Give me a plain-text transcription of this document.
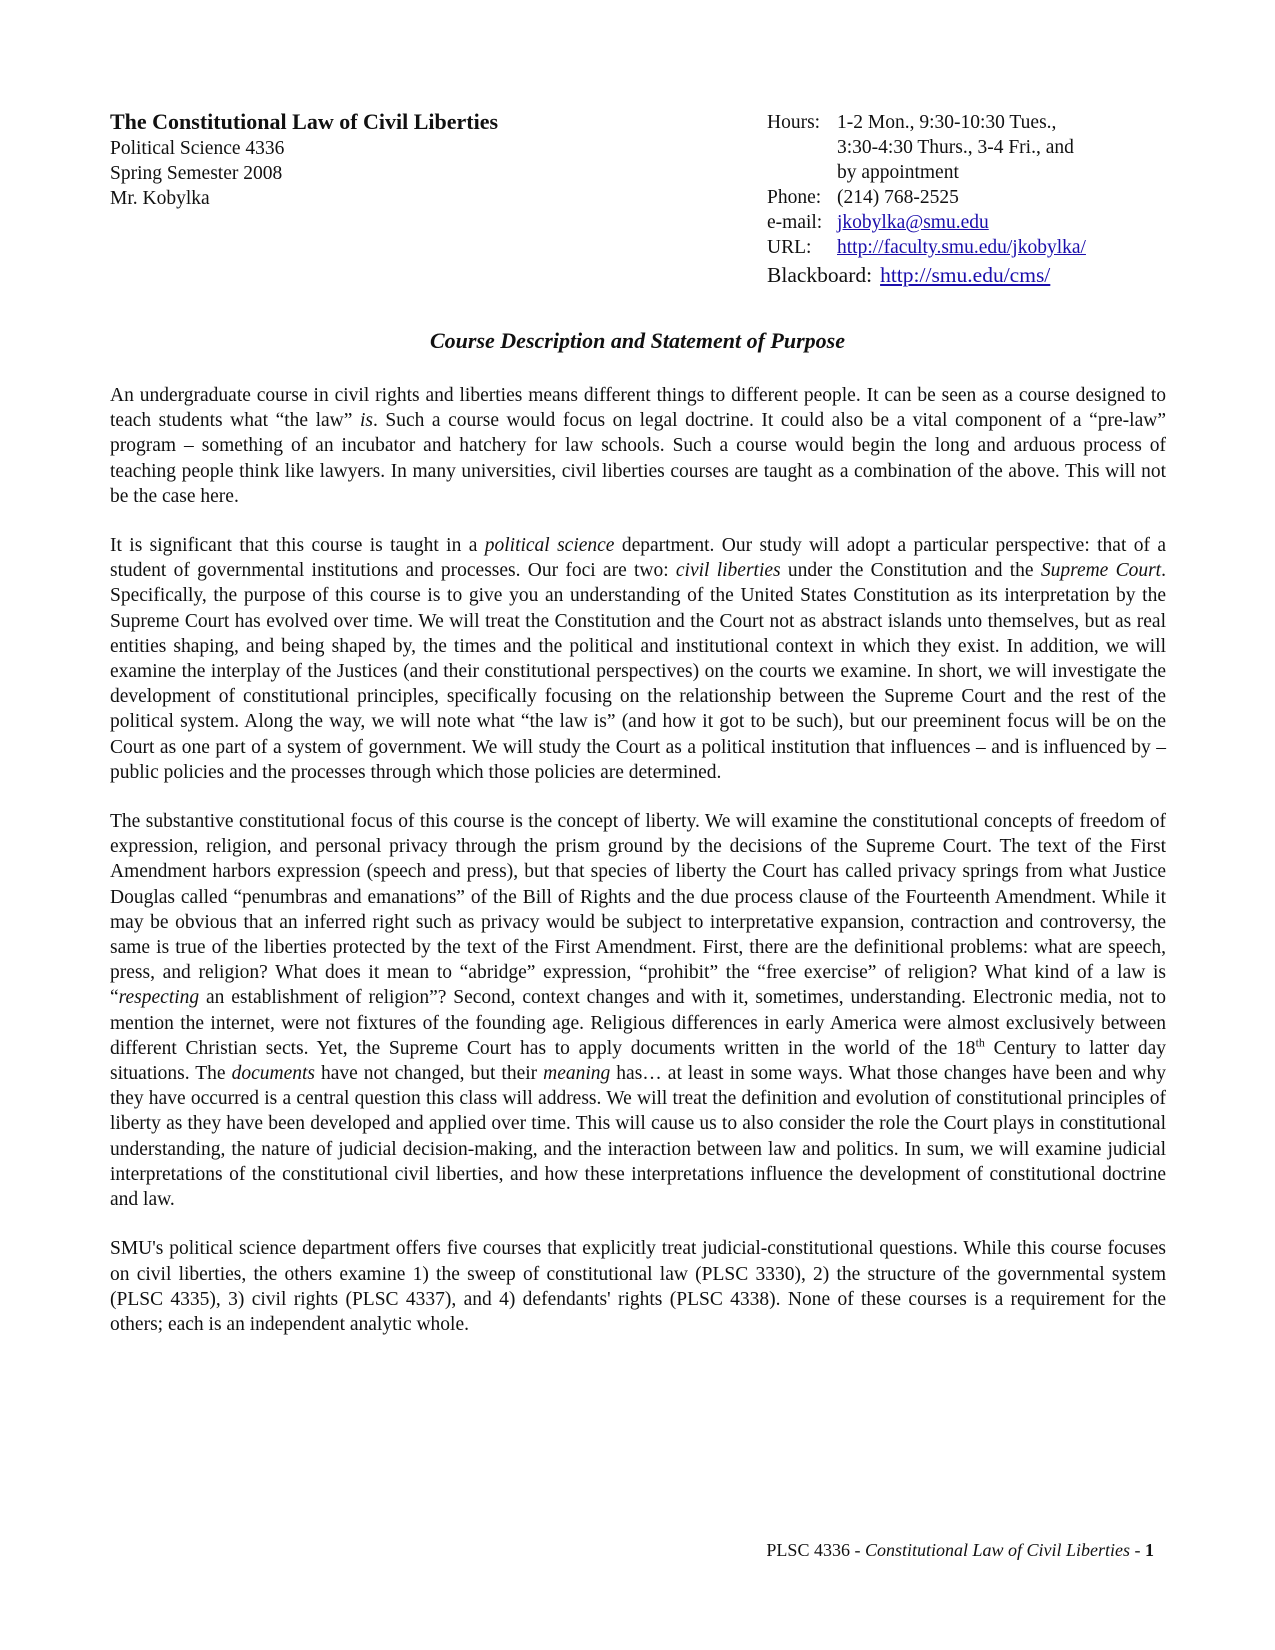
The Constitutional Law of Civil Liberties
Political Science 4336
Spring Semester 2008
Mr. Kobylka
Hours: 1-2 Mon., 9:30-10:30 Tues.,
3:30-4:30 Thurs., 3-4 Fri., and
by appointment
Phone: (214) 768-2525
e-mail: jkobylka@smu.edu
URL:	http://faculty.smu.edu/jkobylka/
Blackboard: http://smu.edu/cms/
Course Description and Statement of Purpose

An undergraduate course in civil rights and liberties means different things to different people. It can be seen as a course designed to teach students what “the law” is. Such a course would focus on legal doctrine. It could also be a vital component of a “pre-law” program – something of an incubator and hatchery for law schools. Such a course would begin the long and arduous process of teaching people think like lawyers. In many universities, civil liberties courses are taught as a combination of the above. This will not be the case here.

It is significant that this course is taught in a political science department. Our study will adopt a particular perspective: that of a student of governmental institutions and processes. Our foci are two: civil liberties under the Constitution and the Supreme Court. Specifically, the purpose of this course is to give you an understanding of the United States Constitution as its interpretation by the Supreme Court has evolved over time. We will treat the Constitution and the Court not as abstract islands unto themselves, but as real entities shaping, and being shaped by, the times and the political and institutional context in which they exist. In addition, we will examine the interplay of the Justices (and their constitutional perspectives) on the courts we examine. In short, we will investigate the development of constitutional principles, specifically focusing on the relationship between the Supreme Court and the rest of the political system. Along the way, we will note what “the law is” (and how it got to be such), but our preeminent focus will be on the Court as one part of a system of government. We will study the Court as a political institution that influences – and is influenced by – public policies and the processes through which those policies are determined.

The substantive constitutional focus of this course is the concept of liberty. We will examine the constitutional concepts of freedom of expression, religion, and personal privacy through the prism ground by the decisions of the Supreme Court. The text of the First Amendment harbors expression (speech and press), but that species of liberty the Court has called privacy springs from what Justice Douglas called “penumbras and emanations” of the Bill of Rights and the due process clause of the Fourteenth Amendment. While it may be obvious that an inferred right such as privacy would be subject to interpretative expansion, contraction and controversy, the same is true of the liberties protected by the text of the First Amendment. First, there are the definitional problems: what are speech, press, and religion? What does it mean to “abridge” expression, “prohibit” the “free exercise” of religion? What kind of a law is “respecting an establishment of religion”? Second, context changes and with it, sometimes, understanding. Electronic media, not to mention the internet, were not fixtures of the founding age. Religious differences in early America were almost exclusively between different Christian sects. Yet, the Supreme Court has to apply documents written in the world of the 18th Century to latter day situations. The documents have not changed, but their meaning has… at least in some ways. What those changes have been and why they have occurred is a central question this class will address. We will treat the definition and evolution of constitutional principles of liberty as they have been developed and applied over time. This will cause us to also consider the role the Court plays in constitutional understanding, the nature of judicial decision-making, and the interaction between law and politics. In sum, we will examine judicial interpretations of the constitutional civil liberties, and how these interpretations influence the development of constitutional doctrine and law.

SMU's political science department offers five courses that explicitly treat judicial-constitutional questions. While this course focuses on civil liberties, the others examine 1) the sweep of constitutional law (PLSC 3330), 2) the structure of the governmental system (PLSC 4335), 3) civil rights (PLSC 4337), and 4) defendants' rights (PLSC 4338). None of these courses is a requirement for the others; each is an independent analytic whole.

PLSC 4336 - Constitutional Law of Civil Liberties - 1
